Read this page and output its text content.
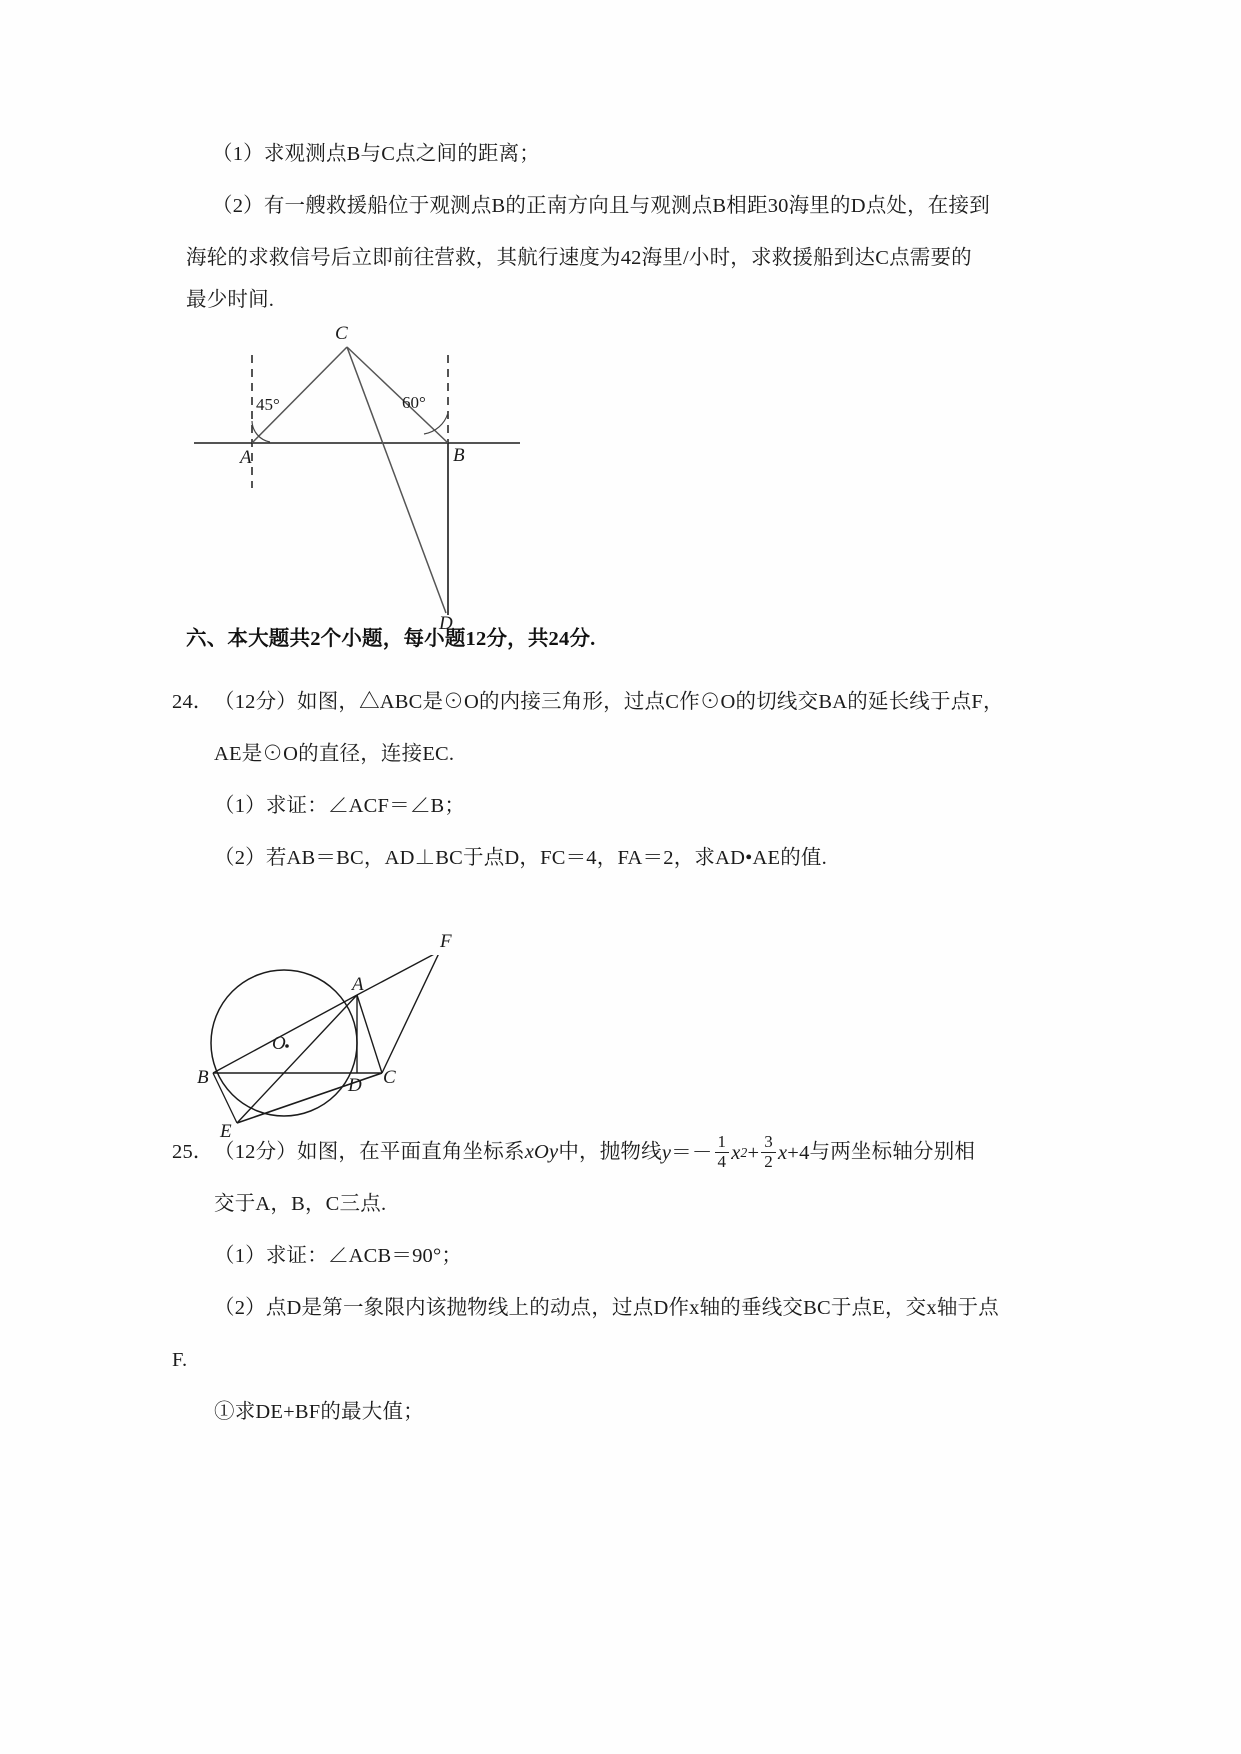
（1）求观测点B与C点之间的距离；
（2）有一艘救援船位于观测点B的正南方向且与观测点B相距30海里的D点处，在接到
海轮的求救信号后立即前往营救，其航行速度为42海里/小时，求救援船到达C点需要的
最少时间.
C
A	B
D
45°	60°
六、本大题共2个小题，每小题12分，共24分.
24． （12分）如图，△ABC是⊙O的内接三角形，过点C作⊙O的切线交BA的延长线于点F，
AE是⊙O的直径，连接EC.
（1）求证：∠ACF＝∠B；
（2）若AB＝BC，AD⊥BC于点D，FC＝4，FA＝2，求AD•AE的值.
A
B	C
D
E
F
O
25． （12分）如图，在平面直角坐标系xOy中，抛物线 y ＝ － $\frac{1}{4}$ x $2 + \frac{3}{2}$ x + 4 与两坐标轴分别相
交于A，B，C三点.
（1）求证：∠ACB＝90°；
（2）点D是第一象限内该抛物线上的动点，过点D作x轴的垂线交BC于点E，交x轴于点
F.
①求DE+BF的最大值；
